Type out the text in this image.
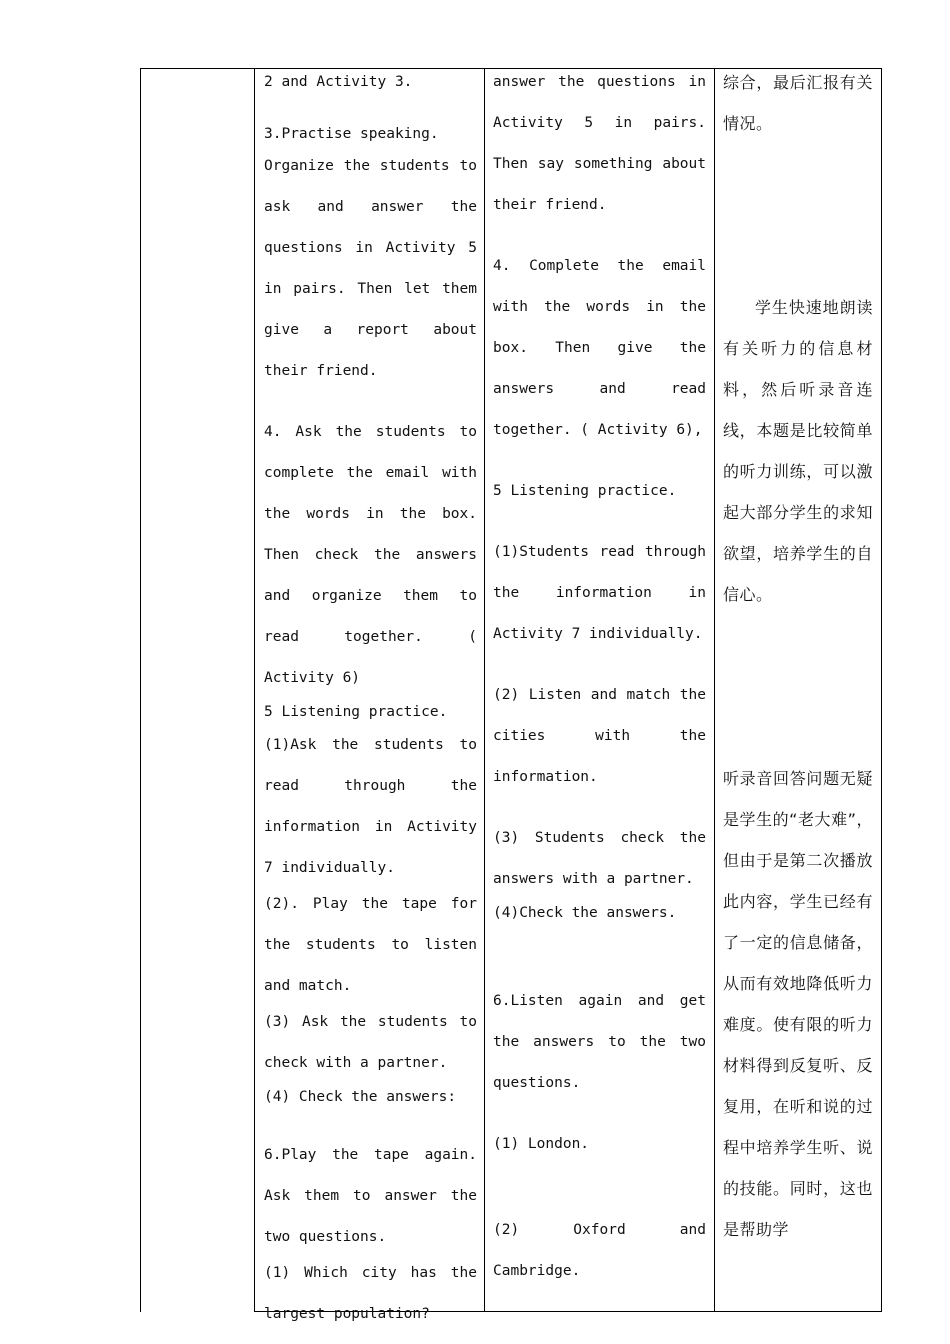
2 and Activity 3.

3.Practise speaking.

Organize the students to ask and answer the questions in Activity 5 in pairs. Then let them give a report about their friend.

4. Ask the students to complete the email with the words in the box. Then check the answers and organize them to read together. ( Activity 6)

5 Listening practice.

(1)Ask the students to read through the information in Activity 7 individually.

(2). Play the tape for the students to listen and match.

(3) Ask the students to check with a partner.

(4) Check the answers:

6.Play the tape again. Ask them to answer the two questions.

(1) Which city has the largest population?

answer the questions in Activity 5 in pairs. Then say something about their friend.

4. Complete the email with the words in the box. Then give the answers and read together. ( Activity 6),

5 Listening practice.

(1)Students read through the information in Activity 7 individually.

(2) Listen and match the cities with the information.

(3) Students check the answers with a partner.

(4)Check the answers.

6.Listen again and get the answers to the two questions.

(1) London.

(2) Oxford and Cambridge.

综合，最后汇报有关情况。

学生快速地朗读有关听力的信息材料，然后听录音连线，本题是比较简单的听力训练，可以激起大部分学生的求知欲望，培养学生的自信心。

听录音回答问题无疑是学生的“老大难”，但由于是第二次播放此内容，学生已经有了一定的信息储备，从而有效地降低听力难度。使有限的听力材料得到反复听、反复用，在听和说的过程中培养学生听、说的技能。同时，这也是帮助学
